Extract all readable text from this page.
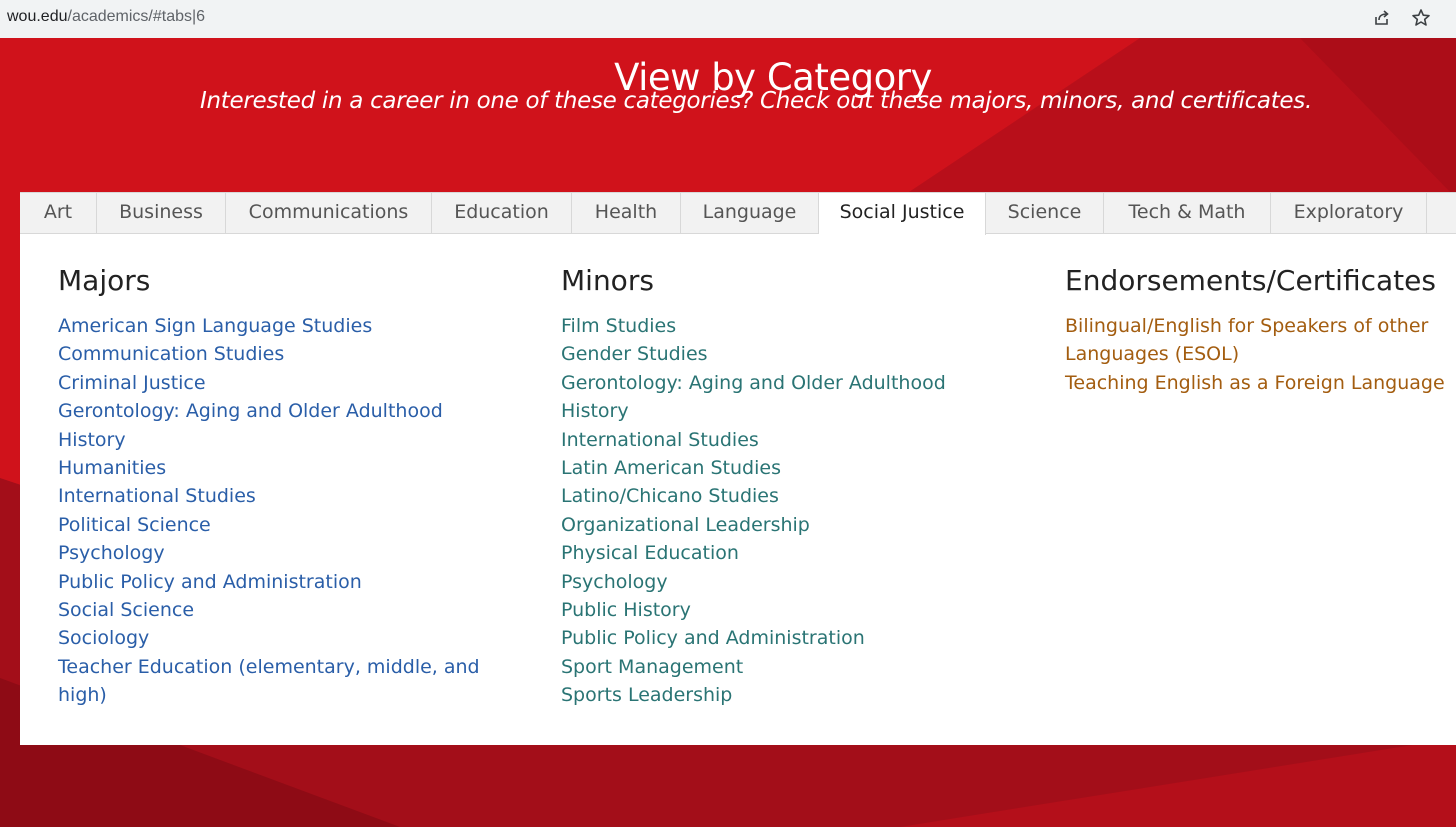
wou.edu/academics/#tabs|6
View by Category

Interested in a career in one of these categories? Check out these majors, minors, and certificates.

Art	Business	Communications	Education	Health	Language	Social Justice	Science	Tech & Math	Exploratory
Majors
American Sign Language Studies
Communication Studies
Criminal Justice
Gerontology: Aging and Older Adulthood
History
Humanities
International Studies
Political Science
Psychology
Public Policy and Administration
Social Science
Sociology
Teacher Education (elementary, middle, and high)
Minors
Film Studies
Gender Studies
Gerontology: Aging and Older Adulthood
History
International Studies
Latin American Studies
Latino/Chicano Studies
Organizational Leadership
Physical Education
Psychology
Public History
Public Policy and Administration
Sport Management
Sports Leadership
Endorsements/Certificates
Bilingual/English for Speakers of other Languages (ESOL)
Teaching English as a Foreign Language
